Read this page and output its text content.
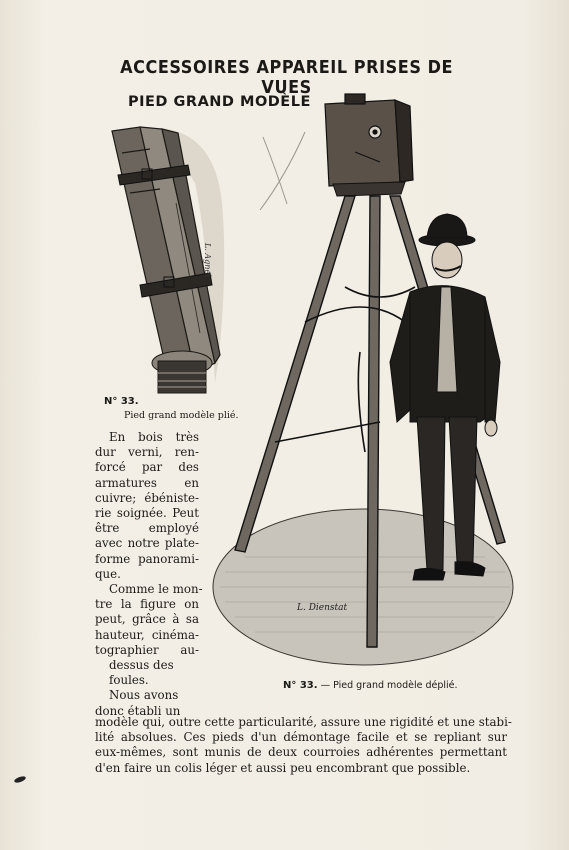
ACCESSOIRES APPAREIL PRISES DE VUES
PIED GRAND MODÈLE
L. Agnel
N° 33.
Pied grand modèle plié.
L. Dienstat
N° 33. — Pied grand modèle déplié.
En bois très
dur verni, ren-
forcé par des
armatures en
cuivre; ébéniste-
rie soignée. Peut
être employé
avec notre plate-
forme panorami-
que.
Comme le mon-
tre la figure on
peut, grâce à sa
hauteur, cinéma-
tographier au-
dessus des
foules.
Nous avons
donc établi un
modèle qui, outre cette particularité, assure une rigidité et une stabi-
lité absolues. Ces pieds d'un démontage facile et se repliant sur
eux-mêmes, sont munis de deux courroies adhérentes permettant
d'en faire un colis léger et aussi peu encombrant que possible.
